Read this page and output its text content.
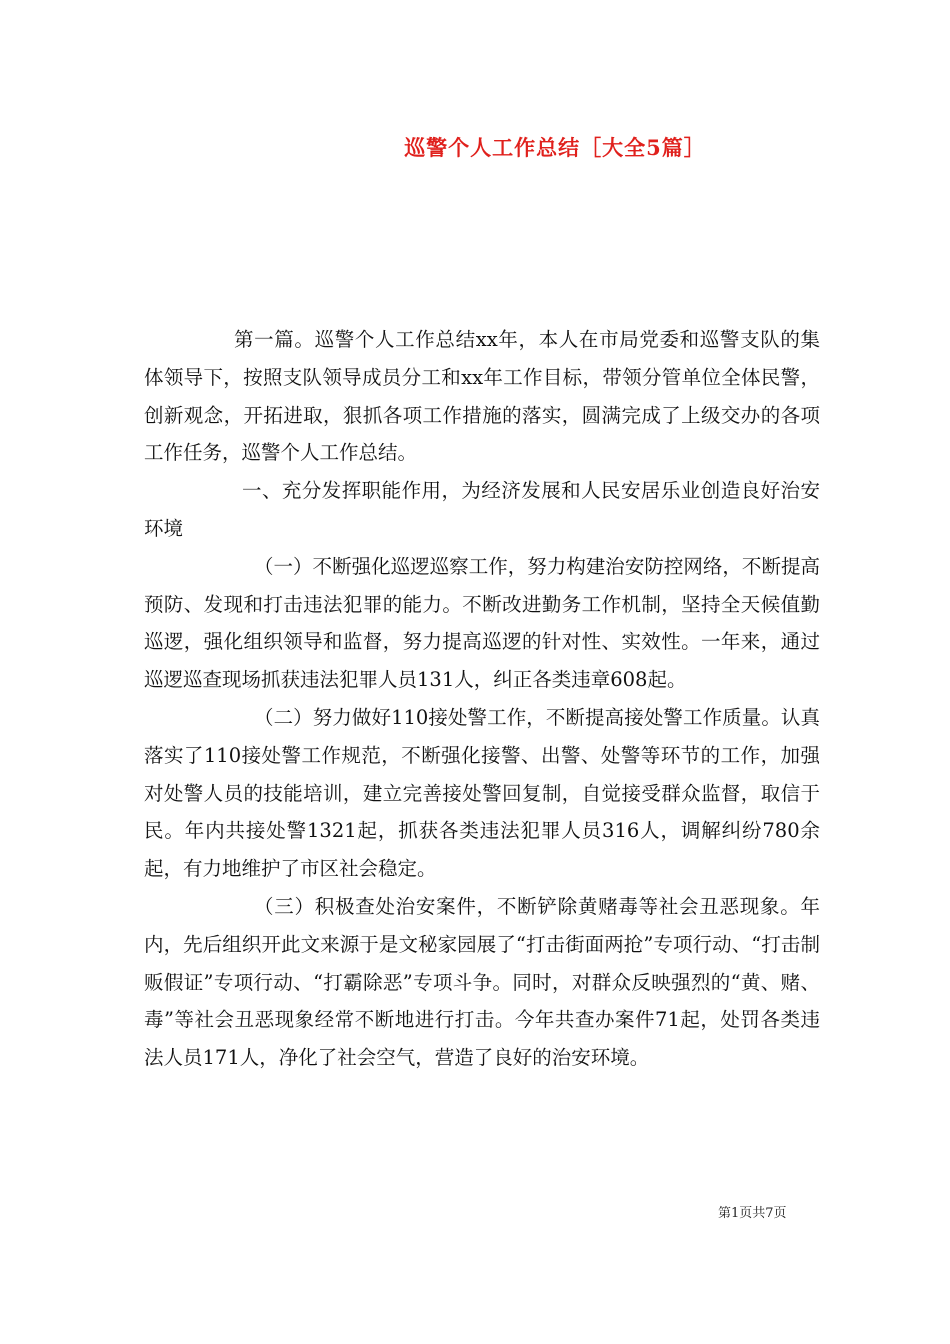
巡警个人工作总结［大全5篇］

第一篇。巡警个人工作总结xx年，本人在市局党委和巡警支队的集体领导下，按照支队领导成员分工和xx年工作目标，带领分管单位全体民警，创新观念，开拓进取，狠抓各项工作措施的落实，圆满完成了上级交办的各项工作任务，巡警个人工作总结。

一、充分发挥职能作用，为经济发展和人民安居乐业创造良好治安环境

（一）不断强化巡逻巡察工作，努力构建治安防控网络，不断提高预防、发现和打击违法犯罪的能力。不断改进勤务工作机制，坚持全天候值勤巡逻，强化组织领导和监督，努力提高巡逻的针对性、实效性。一年来，通过巡逻巡查现场抓获违法犯罪人员131人，纠正各类违章608起。

（二）努力做好110接处警工作，不断提高接处警工作质量。认真落实了110接处警工作规范，不断强化接警、出警、处警等环节的工作，加强对处警人员的技能培训，建立完善接处警回复制，自觉接受群众监督，取信于民。年内共接处警1321起，抓获各类违法犯罪人员316人，调解纠纷780余起，有力地维护了市区社会稳定。

（三）积极查处治安案件，不断铲除黄赌毒等社会丑恶现象。年内，先后组织开此文来源于是文秘家园展了“打击街面两抢”专项行动、“打击制贩假证”专项行动、“打霸除恶”专项斗争。同时，对群众反映强烈的“黄、赌、毒”等社会丑恶现象经常不断地进行打击。今年共查办案件71起，处罚各类违法人员171人，净化了社会空气，营造了良好的治安环境。

第1页共7页
